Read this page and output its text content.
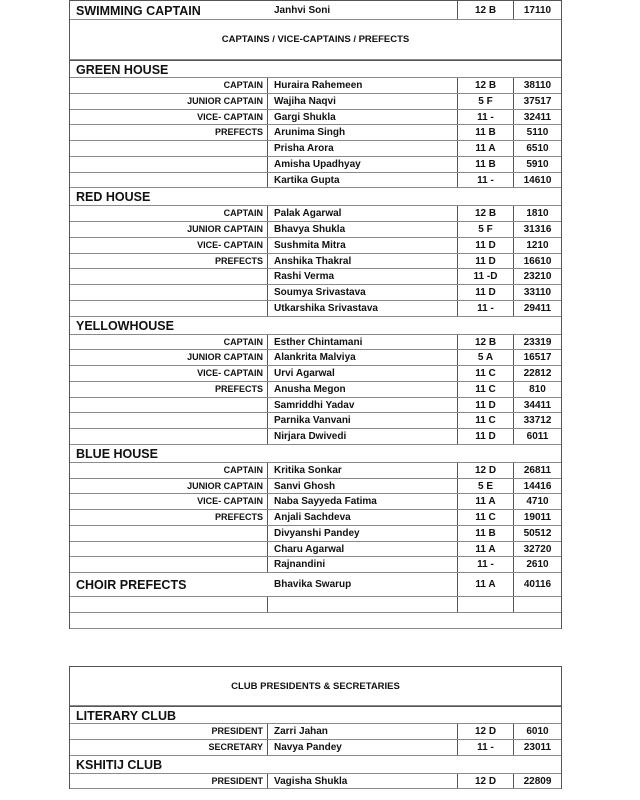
SWIMMING CAPTAIN	Janhvi Soni	12 B	17110
CAPTAINS / VICE-CAPTAINS / PREFECTS
GREEN HOUSE
CAPTAIN	Huraira Rahemeen	12 B	38110
JUNIOR CAPTAIN	Wajiha Naqvi	5 F	37517
VICE- CAPTAIN	Gargi Shukla	11 -	32411
PREFECTS	Arunima Singh	11 B	5110
Prisha Arora	11 A	6510
Amisha Upadhyay	11 B	5910
Kartika Gupta	11 -	14610
RED HOUSE
CAPTAIN	Palak Agarwal	12 B	1810
JUNIOR CAPTAIN	Bhavya Shukla	5 F	31316
VICE- CAPTAIN	Sushmita Mitra	11 D	1210
PREFECTS	Anshika Thakral	11 D	16610
Rashi Verma	11 -D	23210
Soumya Srivastava	11 D	33110
Utkarshika Srivastava	11 -	29411
YELLOWHOUSE
CAPTAIN	Esther Chintamani	12 B	23319
JUNIOR CAPTAIN	Alankrita Malviya	5 A	16517
VICE- CAPTAIN	Urvi Agarwal	11 C	22812
PREFECTS	Anusha Megon	11 C	810
Samriddhi Yadav	11 D	34411
Parnika Vanvani	11 C	33712
Nirjara Dwivedi	11 D	6011
BLUE HOUSE
CAPTAIN	Kritika Sonkar	12 D	26811
JUNIOR CAPTAIN	Sanvi Ghosh	5 E	14416
VICE- CAPTAIN	Naba Sayyeda Fatima	11 A	4710
PREFECTS	Anjali Sachdeva	11 C	19011
Divyanshi Pandey	11 B	50512
Charu Agarwal	11 A	32720
Rajnandini	11 -	2610
CHOIR PREFECTS	Bhavika Swarup	11 A	40116
CLUB PRESIDENTS & SECRETARIES
LITERARY CLUB
PRESIDENT	Zarri Jahan	12 D	6010
SECRETARY	Navya Pandey	11 -	23011
KSHITIJ CLUB
PRESIDENT	Vagisha Shukla	12 D	22809
